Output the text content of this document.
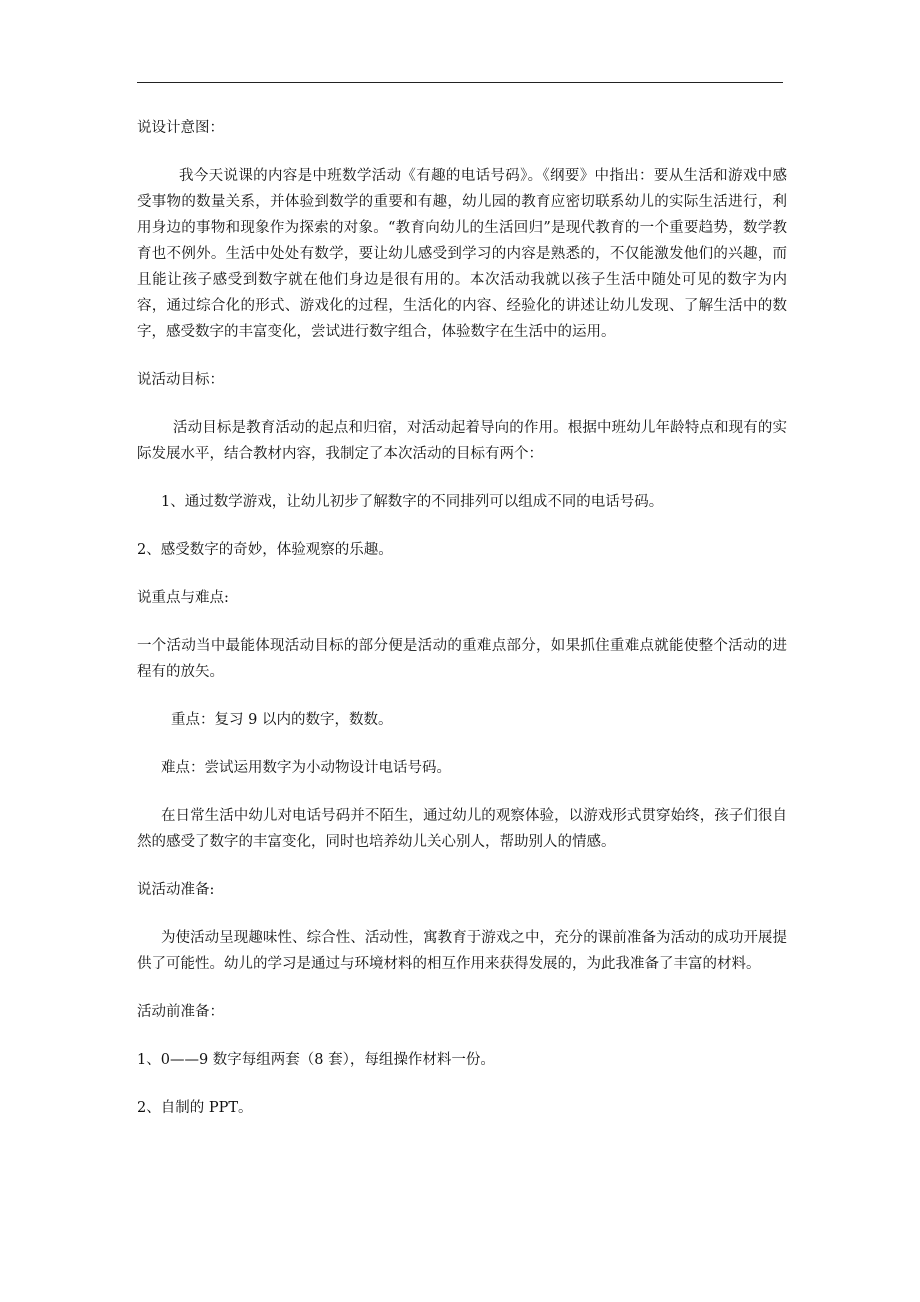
说设计意图：

我今天说课的内容是中班数学活动《有趣的电话号码》。《纲要》中指出：要从生活和游戏中感受事物的数量关系，并体验到数学的重要和有趣，幼儿园的教育应密切联系幼儿的实际生活进行，利用身边的事物和现象作为探索的对象。“教育向幼儿的生活回归”是现代教育的一个重要趋势，数学教育也不例外。生活中处处有数学，要让幼儿感受到学习的内容是熟悉的，不仅能激发他们的兴趣，而且能让孩子感受到数字就在他们身边是很有用的。本次活动我就以孩子生活中随处可见的数字为内容，通过综合化的形式、游戏化的过程，生活化的内容、经验化的讲述让幼儿发现、了解生活中的数字，感受数字的丰富变化，尝试进行数字组合，体验数字在生活中的运用。

说活动目标：

活动目标是教育活动的起点和归宿，对活动起着导向的作用。根据中班幼儿年龄特点和现有的实际发展水平，结合教材内容，我制定了本次活动的目标有两个：

1、通过数学游戏，让幼儿初步了解数字的不同排列可以组成不同的电话号码。

2、感受数字的奇妙，体验观察的乐趣。

说重点与难点:

一个活动当中最能体现活动目标的部分便是活动的重难点部分，如果抓住重难点就能使整个活动的进程有的放矢。

重点：复习 9 以内的数字，数数。

难点：尝试运用数字为小动物设计电话号码。

在日常生活中幼儿对电话号码并不陌生，通过幼儿的观察体验，以游戏形式贯穿始终，孩子们很自然的感受了数字的丰富变化，同时也培养幼儿关心别人，帮助别人的情感。

说活动准备:

为使活动呈现趣味性、综合性、活动性，寓教育于游戏之中，充分的课前准备为活动的成功开展提供了可能性。幼儿的学习是通过与环境材料的相互作用来获得发展的，为此我准备了丰富的材料。

活动前准备：

1、0——9 数字每组两套（8 套），每组操作材料一份。

2、自制的 PPT。
